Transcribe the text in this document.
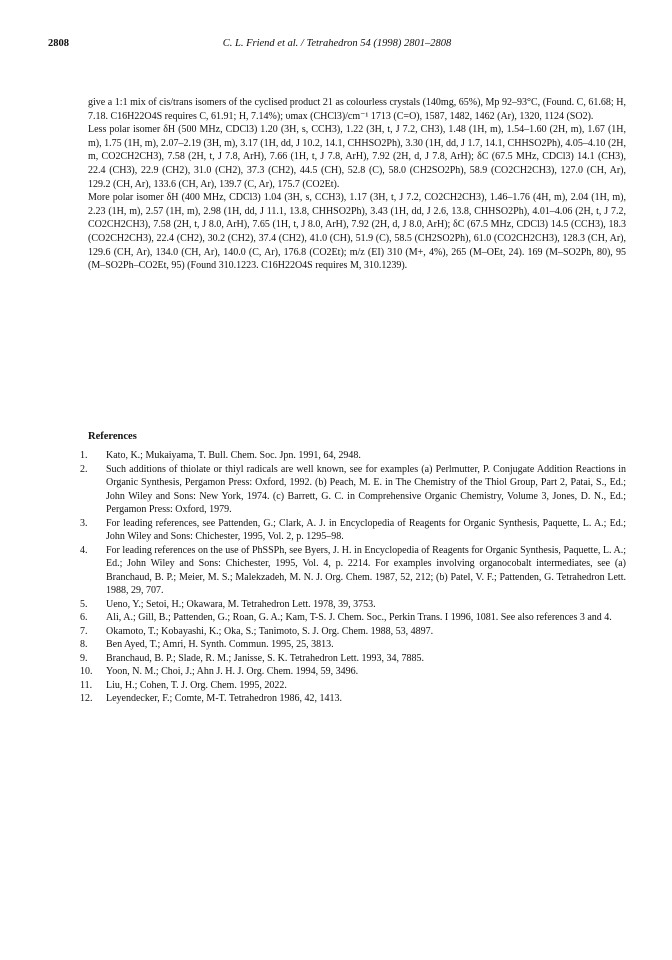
2808	C. L. Friend et al. / Tetrahedron 54 (1998) 2801–2808

give a 1:1 mix of cis/trans isomers of the cyclised product 21 as colourless crystals (140mg, 65%), Mp 92–93°C, (Found. C, 61.68; H, 7.18. C16H22O4S requires C, 61.91; H, 7.14%); υmax (CHCl3)/cm⁻¹ 1713 (C=O), 1587, 1482, 1462 (Ar), 1320, 1124 (SO2).

Less polar isomer δH (500 MHz, CDCl3) 1.20 (3H, s, CCH3), 1.22 (3H, t, J 7.2, CH3), 1.48 (1H, m), 1.54–1.60 (2H, m), 1.67 (1H, m), 1.75 (1H, m), 2.07–2.19 (3H, m), 3.17 (1H, dd, J 10.2, 14.1, CHHSO2Ph), 3.30 (1H, dd, J 1.7, 14.1, CHHSO2Ph), 4.05–4.10 (2H, m, CO2CH2CH3), 7.58 (2H, t, J 7.8, ArH), 7.66 (1H, t, J 7.8, ArH), 7.92 (2H, d, J 7.8, ArH); δC (67.5 MHz, CDCl3) 14.1 (CH3), 22.4 (CH3), 22.9 (CH2), 31.0 (CH2), 37.3 (CH2), 44.5 (CH), 52.8 (C), 58.0 (CH2SO2Ph), 58.9 (CO2CH2CH3), 127.0 (CH, Ar), 129.2 (CH, Ar), 133.6 (CH, Ar), 139.7 (C, Ar), 175.7 (CO2Et).

More polar isomer δH (400 MHz, CDCl3) 1.04 (3H, s, CCH3), 1.17 (3H, t, J 7.2, CO2CH2CH3), 1.46–1.76 (4H, m), 2.04 (1H, m), 2.23 (1H, m), 2.57 (1H, m), 2.98 (1H, dd, J 11.1, 13.8, CHHSO2Ph), 3.43 (1H, dd, J 2.6, 13.8, CHHSO2Ph), 4.01–4.06 (2H, t, J 7.2, CO2CH2CH3), 7.58 (2H, t, J 8.0, ArH), 7.65 (1H, t, J 8.0, ArH), 7.92 (2H, d, J 8.0, ArH); δC (67.5 MHz, CDCl3) 14.5 (CCH3), 18.3 (CO2CH2CH3), 22.4 (CH2), 30.2 (CH2), 37.4 (CH2), 41.0 (CH), 51.9 (C), 58.5 (CH2SO2Ph), 61.0 (CO2CH2CH3), 128.3 (CH, Ar), 129.6 (CH, Ar), 134.0 (CH, Ar), 140.0 (C, Ar), 176.8 (CO2Et); m/z (EI) 310 (M+, 4%), 265 (M–OEt, 24). 169 (M–SO2Ph, 80), 95 (M–SO2Ph–CO2Et, 95) (Found 310.1223. C16H22O4S requires M, 310.1239).

References
1.	Kato, K.; Mukaiyama, T. Bull. Chem. Soc. Jpn. 1991, 64, 2948.
2.	Such additions of thiolate or thiyl radicals are well known, see for examples (a) Perlmutter, P. Conjugate Addition Reactions in Organic Synthesis, Pergamon Press: Oxford, 1992. (b) Peach, M. E. in The Chemistry of the Thiol Group, Part 2, Patai, S., Ed.; John Wiley and Sons: New York, 1974. (c) Barrett, G. C. in Comprehensive Organic Chemistry, Volume 3, Jones, D. N., Ed.; Pergamon Press: Oxford, 1979.
3.	For leading references, see Pattenden, G.; Clark, A. J. in Encyclopedia of Reagents for Organic Synthesis, Paquette, L. A.; Ed.; John Wiley and Sons: Chichester, 1995, Vol. 2, p. 1295–98.
4.	For leading references on the use of PhSSPh, see Byers, J. H. in Encyclopedia of Reagents for Organic Synthesis, Paquette, L. A.; Ed.; John Wiley and Sons: Chichester, 1995, Vol. 4, p. 2214. For examples involving organocobalt intermediates, see (a) Branchaud, B. P.; Meier, M. S.; Malekzadeh, M. N. J. Org. Chem. 1987, 52, 212; (b) Patel, V. F.; Pattenden, G. Tetrahedron Lett. 1988, 29, 707.
5.	Ueno, Y.; Setoi, H.; Okawara, M. Tetrahedron Lett. 1978, 39, 3753.
6.	Ali, A.; Gill, B.; Pattenden, G.; Roan, G. A.; Kam, T-S. J. Chem. Soc., Perkin Trans. I 1996, 1081. See also references 3 and 4.
7.	Okamoto, T.; Kobayashi, K.; Oka, S.; Tanimoto, S. J. Org. Chem. 1988, 53, 4897.
8.	Ben Ayed, T.; Amri, H. Synth. Commun. 1995, 25, 3813.
9.	Branchaud, B. P.; Slade, R. M.; Janisse, S. K. Tetrahedron Lett. 1993, 34, 7885.
10.	Yoon, N. M.; Choi, J.; Ahn J. H. J. Org. Chem. 1994, 59, 3496.
11.	Liu, H.; Cohen, T. J. Org. Chem. 1995, 2022.
12.	Leyendecker, F.; Comte, M-T. Tetrahedron 1986, 42, 1413.
